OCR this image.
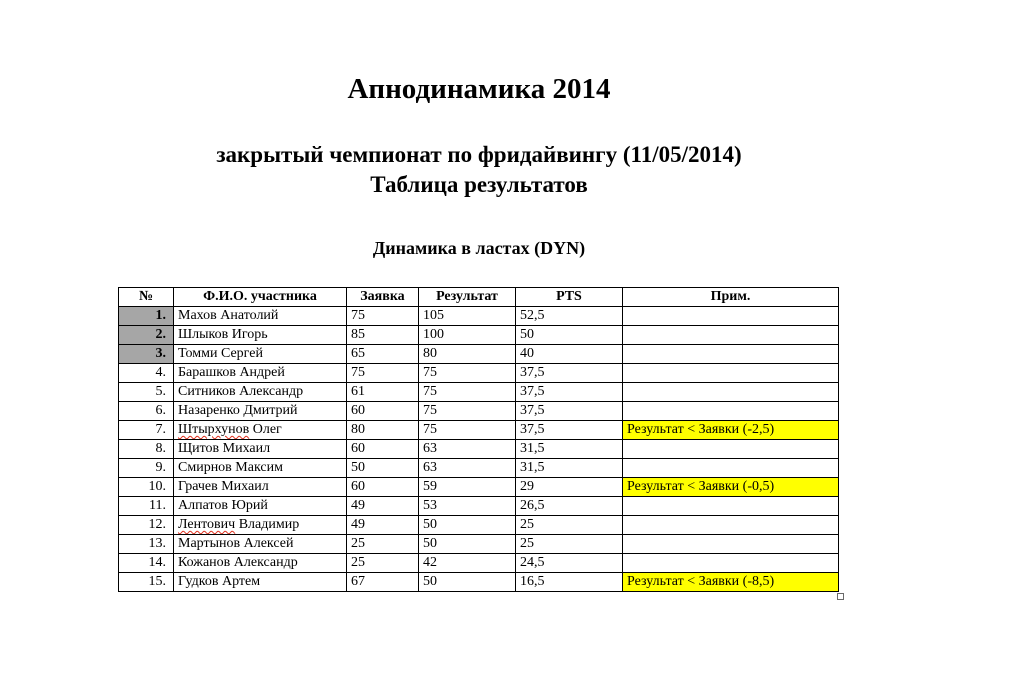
Апнодинамика 2014
закрытый чемпионат по фридайвингу (11/05/2014)
Таблица результатов
Динамика в ластах (DYN)
№	Ф.И.О. участника	Заявка	Результат	PTS	Прим.
1.	Махов Анатолий	75	105	52,5	
2.	Шлыков Игорь	85	100	50	
3.	Томми Сергей	65	80	40	
4.	Барашков Андрей	75	75	37,5	
5.	Ситников Александр	61	75	37,5	
6.	Назаренко Дмитрий	60	75	37,5	
7.	Штырхунов Олег	80	75	37,5	Результат < Заявки (-2,5)
8.	Щитов Михаил	60	63	31,5	
9.	Смирнов Максим	50	63	31,5	
10.	Грачев Михаил	60	59	29	Результат < Заявки (-0,5)
11.	Алпатов Юрий	49	53	26,5	
12.	Лентович Владимир	49	50	25	
13.	Мартынов Алексей	25	50	25	
14.	Кожанов Александр	25	42	24,5	
15.	Гудков Артем	67	50	16,5	Результат < Заявки (-8,5)
